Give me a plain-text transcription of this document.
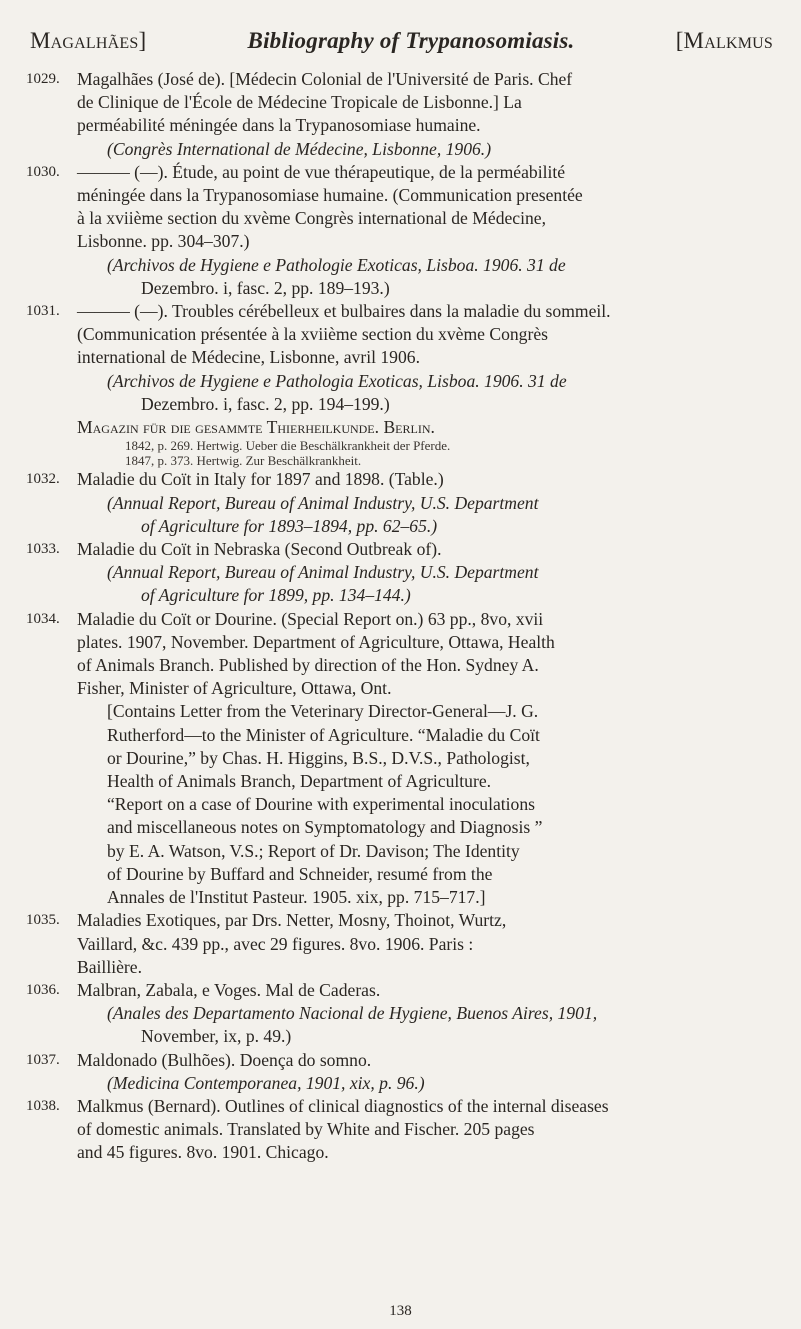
Magalhães]	Bibliography of Trypanosomiasis.	[Malkmus
1029. Magalhães (José de). [Médecin Colonial de l'Université de Paris. Chef
de Clinique de l'École de Médecine Tropicale de Lisbonne.] La
perméabilité méningée dans la Trypanosomiase humaine.
(Congrès International de Médecine, Lisbonne, 1906.)
1030. ——— (—). Étude, au point de vue thérapeutique, de la perméabilité
méningée dans la Trypanosomiase humaine. (Communication presentée
à la xviième section du xvème Congrès international de Médecine,
Lisbonne. pp. 304–307.)
(Archivos de Hygiene e Pathologie Exoticas, Lisboa. 1906. 31 de
Dezembro. i, fasc. 2, pp. 189–193.)
1031. ——— (—). Troubles cérébelleux et bulbaires dans la maladie du sommeil.
(Communication présentée à la xviième section du xvème Congrès
international de Médecine, Lisbonne, avril 1906.
(Archivos de Hygiene e Pathologia Exoticas, Lisboa. 1906. 31 de
Dezembro. i, fasc. 2, pp. 194–199.)
Magazin für die gesammte Thierheilkunde. Berlin.
1842, p. 269. Hertwig. Ueber die Beschälkrankheit der Pferde.
1847, p. 373. Hertwig. Zur Beschälkrankheit.
1032. Maladie du Coït in Italy for 1897 and 1898. (Table.)
(Annual Report, Bureau of Animal Industry, U.S. Department
of Agriculture for 1893–1894, pp. 62–65.)
1033. Maladie du Coït in Nebraska (Second Outbreak of).
(Annual Report, Bureau of Animal Industry, U.S. Department
of Agriculture for 1899, pp. 134–144.)
1034. Maladie du Coït or Dourine. (Special Report on.) 63 pp., 8vo, xvii
plates. 1907, November. Department of Agriculture, Ottawa, Health
of Animals Branch. Published by direction of the Hon. Sydney A.
Fisher, Minister of Agriculture, Ottawa, Ont.
[Contains Letter from the Veterinary Director-General—J. G.
Rutherford—to the Minister of Agriculture. “Maladie du Coït
or Dourine,” by Chas. H. Higgins, B.S., D.V.S., Pathologist,
Health of Animals Branch, Department of Agriculture.
“Report on a case of Dourine with experimental inoculations
and miscellaneous notes on Symptomatology and Diagnosis ”
by E. A. Watson, V.S.; Report of Dr. Davison; The Identity
of Dourine by Buffard and Schneider, resumé from the
Annales de l'Institut Pasteur. 1905. xix, pp. 715–717.]
1035. Maladies Exotiques, par Drs. Netter, Mosny, Thoinot, Wurtz,
Vaillard, &c. 439 pp., avec 29 figures. 8vo. 1906. Paris :
Baillière.
1036. Malbran, Zabala, e Voges. Mal de Caderas.
(Anales des Departamento Nacional de Hygiene, Buenos Aires, 1901,
November, ix, p. 49.)
1037. Maldonado (Bulhões). Doença do somno.
(Medicina Contemporanea, 1901, xix, p. 96.)
1038. Malkmus (Bernard). Outlines of clinical diagnostics of the internal diseases
of domestic animals. Translated by White and Fischer. 205 pages
and 45 figures. 8vo. 1901. Chicago.
138
